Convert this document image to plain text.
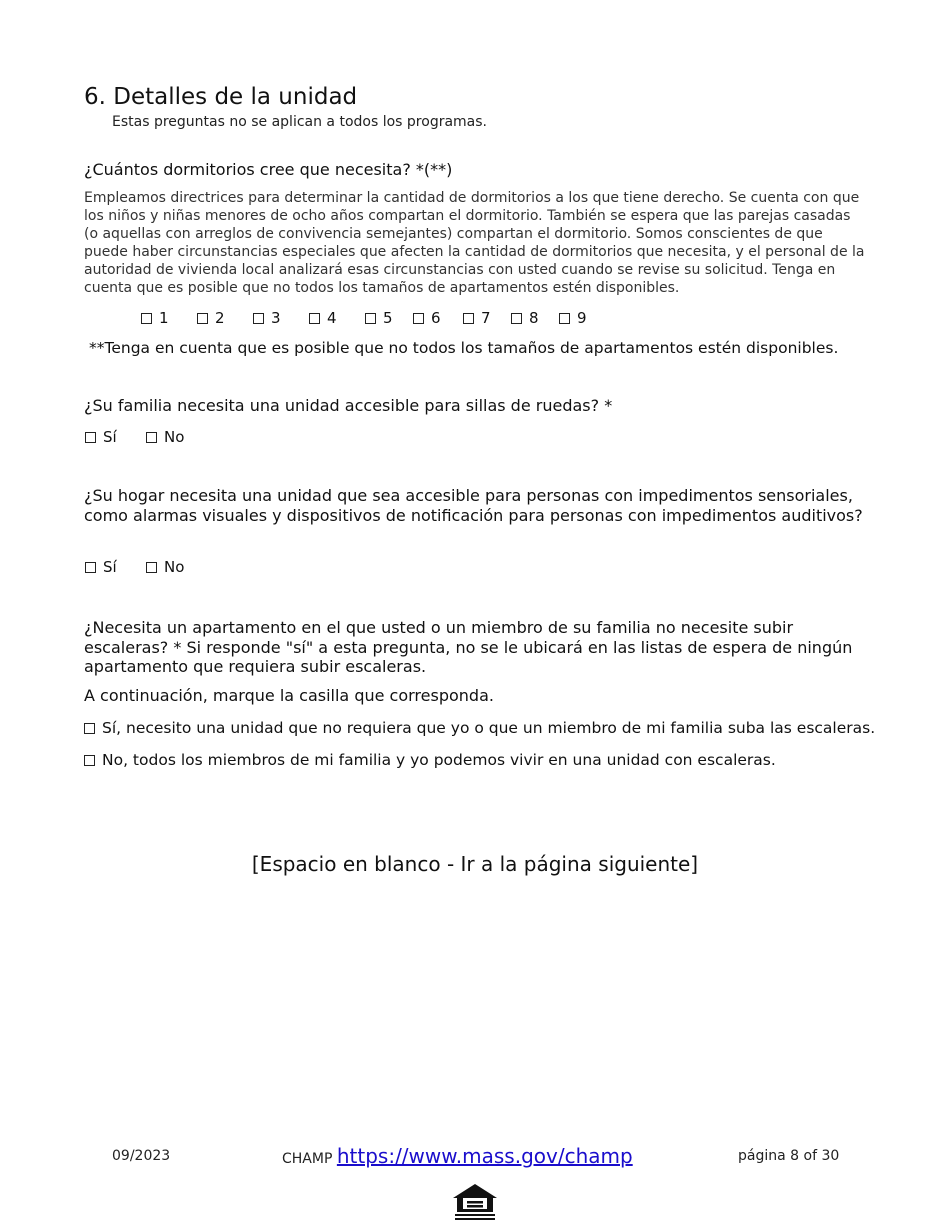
6. Detalles de la unidad
Estas preguntas no se aplican a todos los programas.
¿Cuántos dormitorios cree que necesita? *(**)
Empleamos directrices para determinar la cantidad de dormitorios a los que tiene derecho. Se cuenta con que los niños y niñas menores de ocho años compartan el dormitorio. También se espera que las parejas casadas (o aquellas con arreglos de convivencia semejantes) compartan el dormitorio. Somos conscientes de que puede haber circunstancias especiales que afecten la cantidad de dormitorios que necesita, y el personal de la autoridad de vivienda local analizará esas circunstancias con usted cuando se revise su solicitud. Tenga en cuenta que es posible que no todos los tamaños de apartamentos estén disponibles.
1	2	3	4	5	6	7	8	9
**Tenga en cuenta que es posible que no todos los tamaños de apartamentos estén disponibles.
¿Su familia necesita una unidad accesible para sillas de ruedas? *
Sí	No
¿Su hogar necesita una unidad que sea accesible para personas con impedimentos sensoriales, como alarmas visuales y dispositivos de notificación para personas con impedimentos auditivos?
Sí	No
¿Necesita un apartamento en el que usted o un miembro de su familia no necesite subir escaleras? * Si responde "sí" a esta pregunta, no se le ubicará en las listas de espera de ningún apartamento que requiera subir escaleras.
A continuación, marque la casilla que corresponda.
Sí, necesito una unidad que no requiera que yo o que un miembro de mi familia suba las escaleras.
No, todos los miembros de mi familia y yo podemos vivir en una unidad con escaleras.
[Espacio en blanco - Ir a la página siguiente]
09/2023	CHAMP https://www.mass.gov/champ	página 8 of 30
